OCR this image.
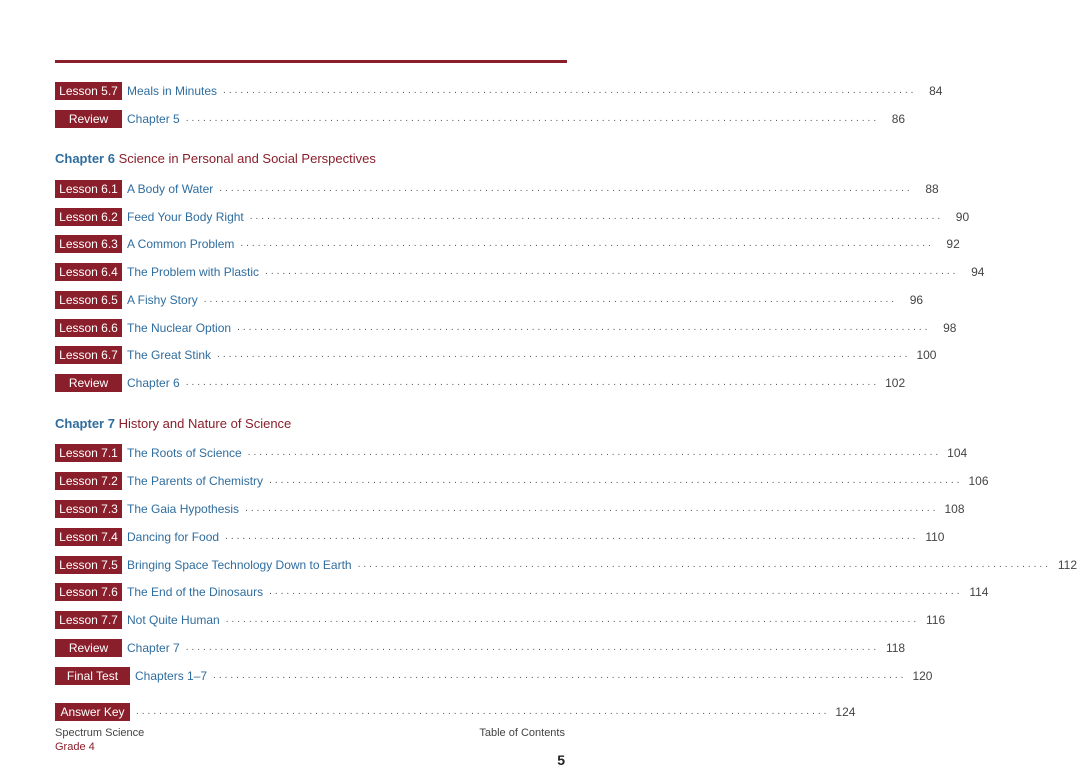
Lesson 5.7 Meals in Minutes ........................................................................................................................	84
Review	Chapter 5 ........................................................................................................................	86
Chapter 6 Science in Personal and Social Perspectives
Lesson 6.1 A Body of Water ........................................................................................................................	88
Lesson 6.2 Feed Your Body Right ........................................................................................................................	90
Lesson 6.3 A Common Problem ........................................................................................................................	92
Lesson 6.4 The Problem with Plastic ........................................................................................................................	94
Lesson 6.5 A Fishy Story ........................................................................................................................	96
Lesson 6.6 The Nuclear Option ........................................................................................................................	98
Lesson 6.7 The Great Stink ........................................................................................................................ 100
Review	Chapter 6 ........................................................................................................................ 102
Chapter 7 History and Nature of Science
Lesson 7.1 The Roots of Science ........................................................................................................................ 104
Lesson 7.2 The Parents of Chemistry ........................................................................................................................ 106
Lesson 7.3 The Gaia Hypothesis ........................................................................................................................ 108
Lesson 7.4 Dancing for Food ........................................................................................................................ 110
Lesson 7.5 Bringing Space Technology Down to Earth ........................................................................................................................ 112
Lesson 7.6 The End of the Dinosaurs ........................................................................................................................ 114
Lesson 7.7 Not Quite Human ........................................................................................................................ 116
Review	Chapter 7 ........................................................................................................................ 118
Final Test	Chapters 1–7 ........................................................................................................................ 120
Answer Key	........................................................................................................................ 124
Spectrum Science
Grade 4
Table of Contents
5
